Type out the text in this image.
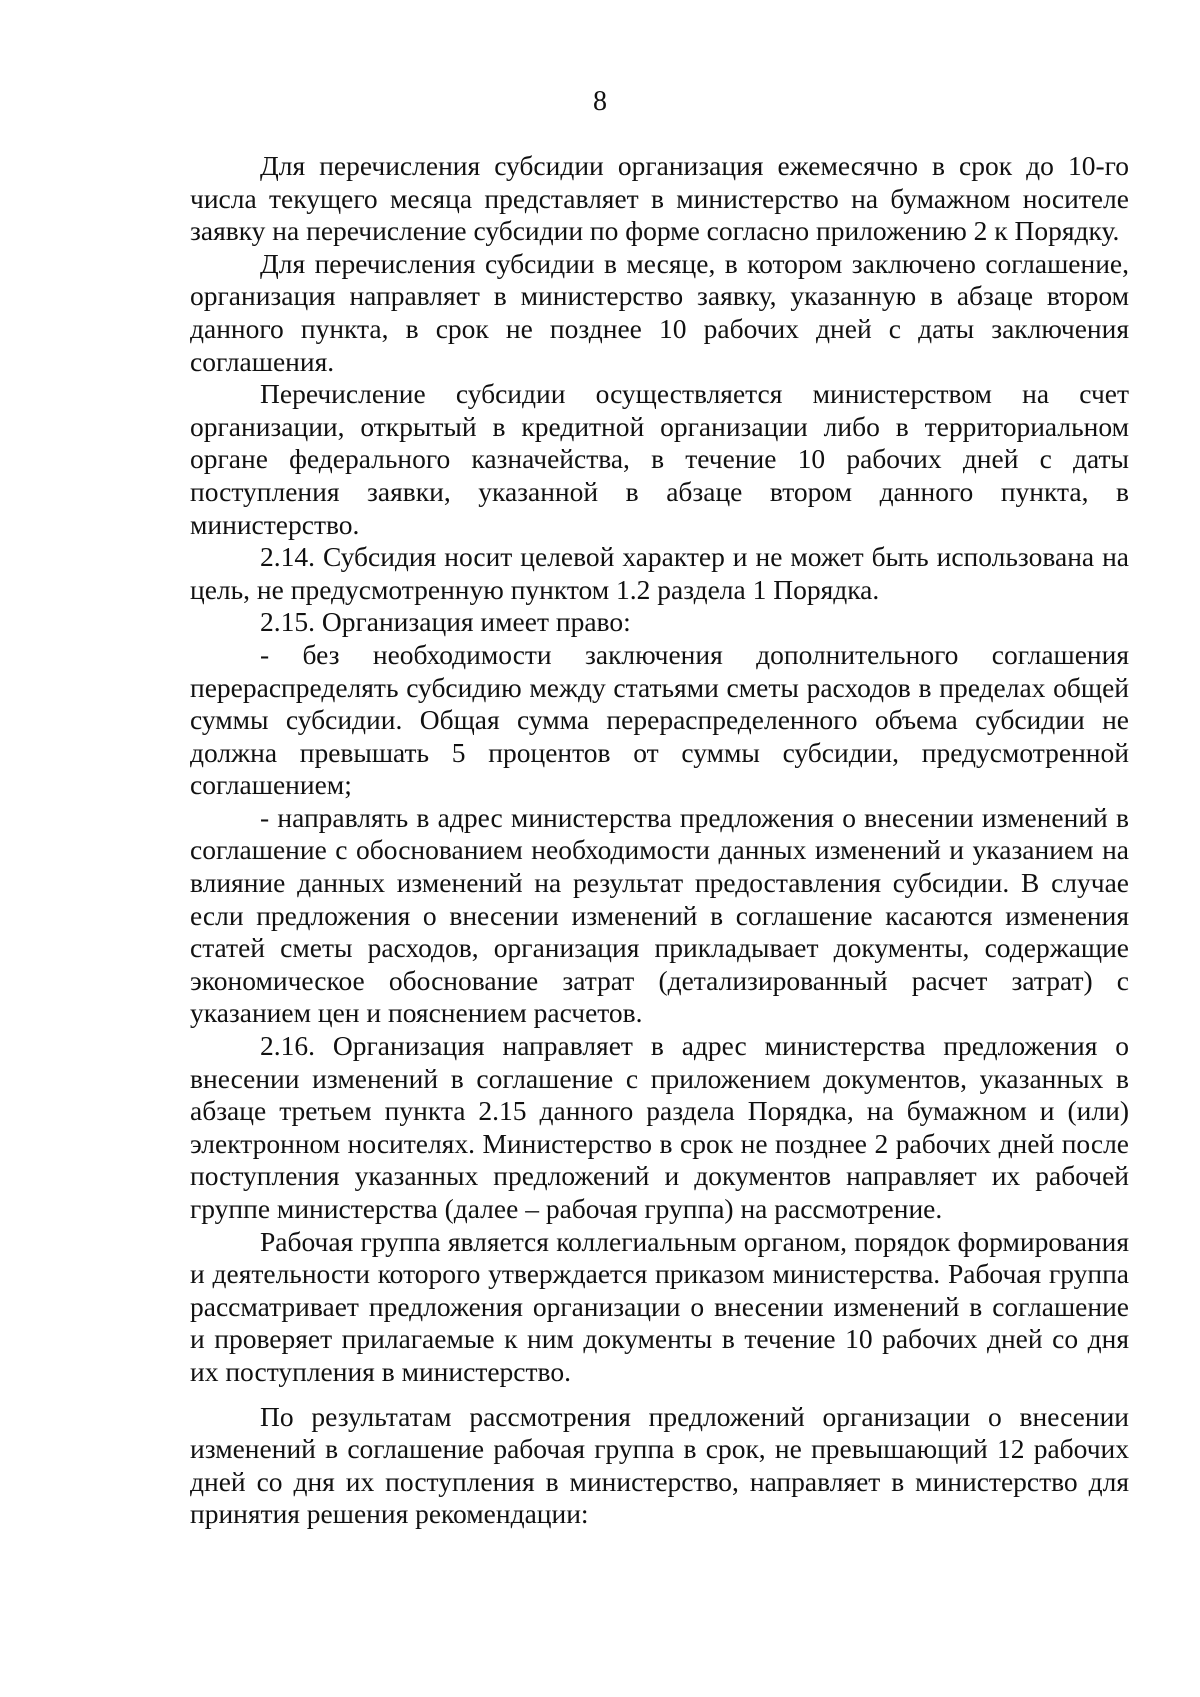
8

Для перечисления субсидии организация ежемесячно в срок до 10-го числа текущего месяца представляет в министерство на бумажном носителе заявку на перечисление субсидии по форме согласно приложению 2 к Порядку.

Для перечисления субсидии в месяце, в котором заключено соглашение, организация направляет в министерство заявку, указанную в абзаце втором данного пункта, в срок не позднее 10 рабочих дней с даты заключения соглашения.

Перечисление субсидии осуществляется министерством на счет организации, открытый в кредитной организации либо в территориальном органе федерального казначейства, в течение 10 рабочих дней с даты поступления заявки, указанной в абзаце втором данного пункта, в министерство.

2.14. Субсидия носит целевой характер и не может быть использована на цель, не предусмотренную пунктом 1.2 раздела 1 Порядка.

2.15. Организация имеет право:

- без необходимости заключения дополнительного соглашения перераспределять субсидию между статьями сметы расходов в пределах общей суммы субсидии. Общая сумма перераспределенного объема субсидии не должна превышать 5 процентов от суммы субсидии, предусмотренной соглашением;

- направлять в адрес министерства предложения о внесении изменений в соглашение с обоснованием необходимости данных изменений и указанием на влияние данных изменений на результат предоставления субсидии. В случае если предложения о внесении изменений в соглашение касаются изменения статей сметы расходов, организация прикладывает документы, содержащие экономическое обоснование затрат (детализированный расчет затрат) с указанием цен и пояснением расчетов.

2.16. Организация направляет в адрес министерства предложения о внесении изменений в соглашение с приложением документов, указанных в абзаце третьем пункта 2.15 данного раздела Порядка, на бумажном и (или) электронном носителях. Министерство в срок не позднее 2 рабочих дней после поступления указанных предложений и документов направляет их рабочей группе министерства (далее – рабочая группа) на рассмотрение.

Рабочая группа является коллегиальным органом, порядок формирования и деятельности которого утверждается приказом министерства. Рабочая группа рассматривает предложения организации о внесении изменений в соглашение и проверяет прилагаемые к ним документы в течение 10 рабочих дней со дня их поступления в министерство.

По результатам рассмотрения предложений организации о внесении изменений в соглашение рабочая группа в срок, не превышающий 12 рабочих дней со дня их поступления в министерство, направляет в министерство для принятия решения рекомендации:
